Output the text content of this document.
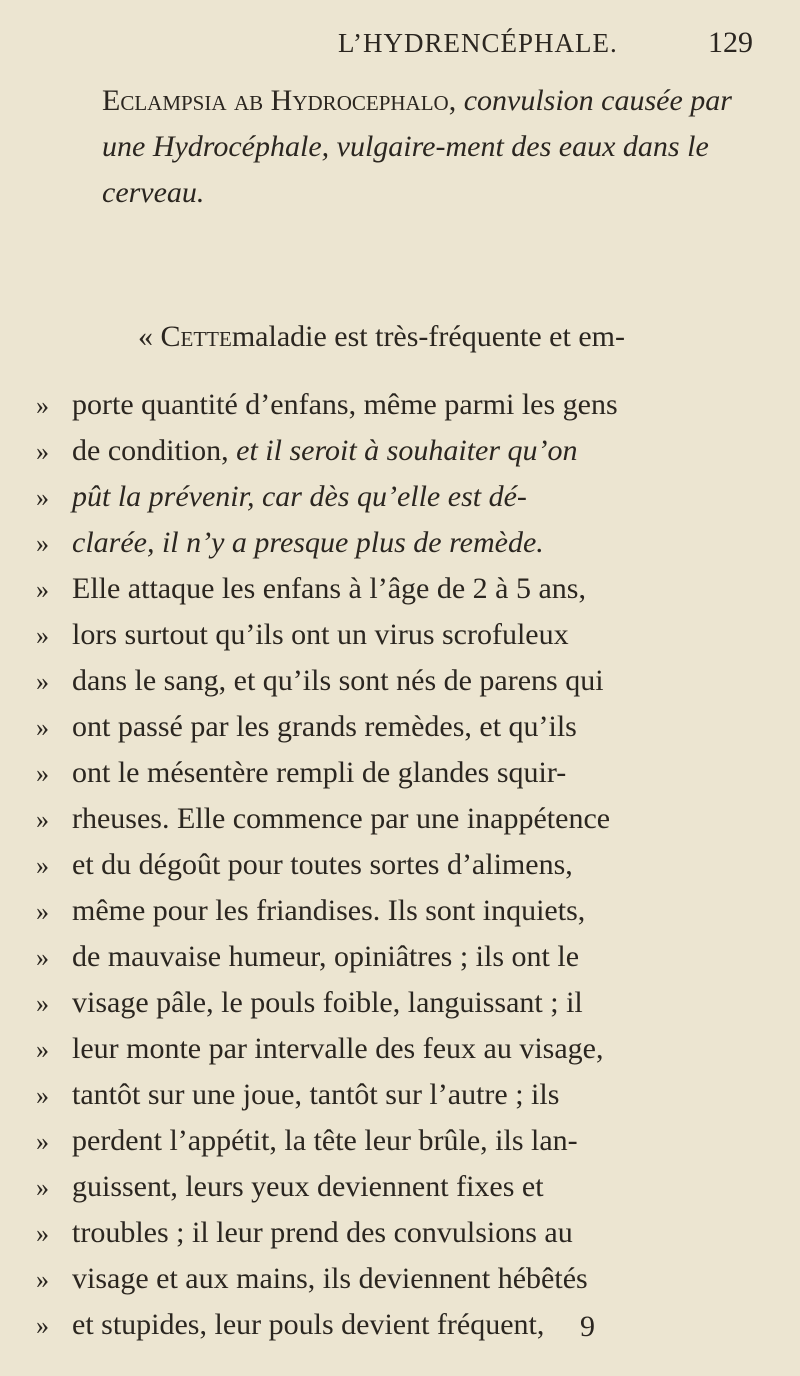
L’HYDRENCÉPHALE.	129
Eclampsia ab Hydrocephalo, convulsion causée par une Hydrocéphale, vulgaire-ment des eaux dans le cerveau.
«
Cette maladie est très-fréquente et em-
» porte quantité d’enfans, même parmi les gens
» de condition, et il seroit à souhaiter qu’on
» pût la prévenir, car dès qu’elle est dé-
» clarée, il n’y a presque plus de remède.
» Elle attaque les enfans à l’âge de 2 à 5 ans,
» lors surtout qu’ils ont un virus scrofuleux
» dans le sang, et qu’ils sont nés de parens qui
» ont passé par les grands remèdes, et qu’ils
» ont le mésentère rempli de glandes squir-
» rheuses. Elle commence par une inappétence
» et du dégoût pour toutes sortes d’alimens,
» même pour les friandises. Ils sont inquiets,
» de mauvaise humeur, opiniâtres ; ils ont le
» visage pâle, le pouls foible, languissant ; il
» leur monte par intervalle des feux au visage,
» tantôt sur une joue, tantôt sur l’autre ; ils
» perdent l’appétit, la tête leur brûle, ils lan-
» guissent, leurs yeux deviennent fixes et
» troubles ; il leur prend des convulsions au
» visage et aux mains, ils deviennent hébêtés
» et stupides, leur pouls devient fréquent, 9
